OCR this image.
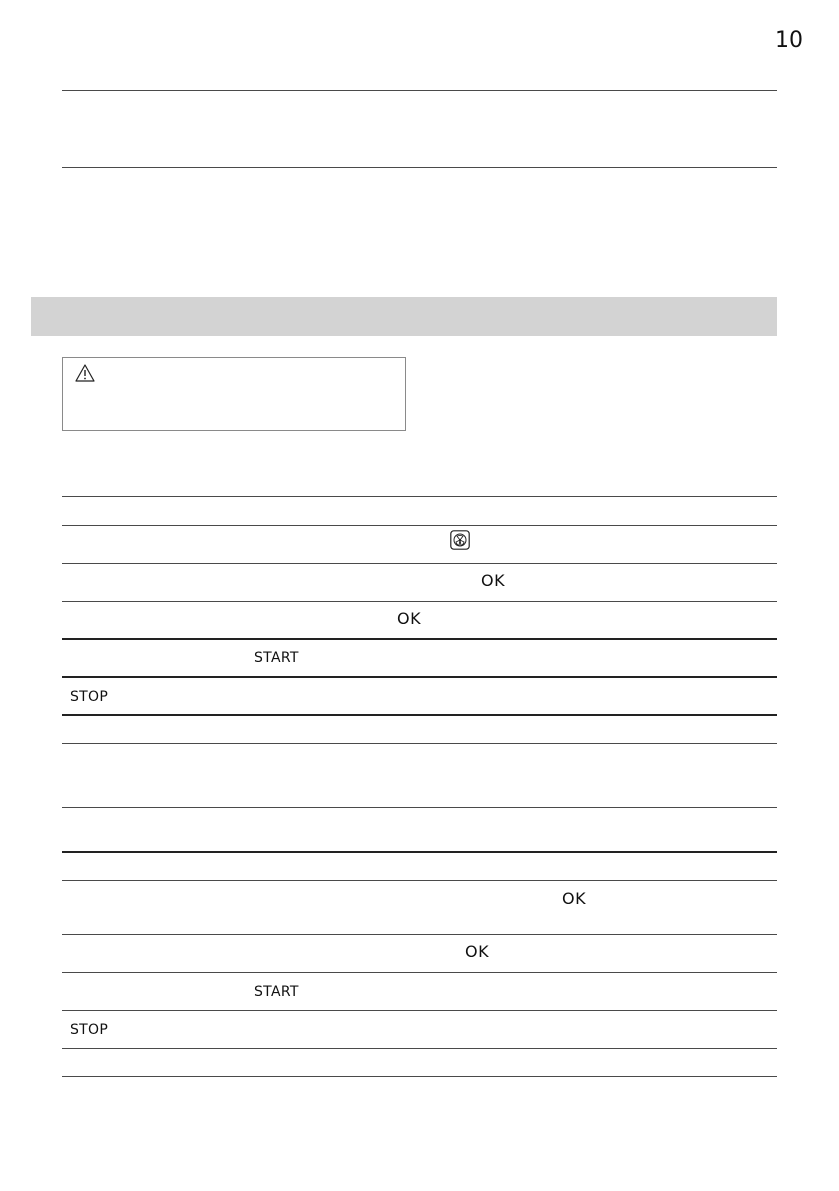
10
OK
OK
START
STOP
OK
OK
START
STOP
